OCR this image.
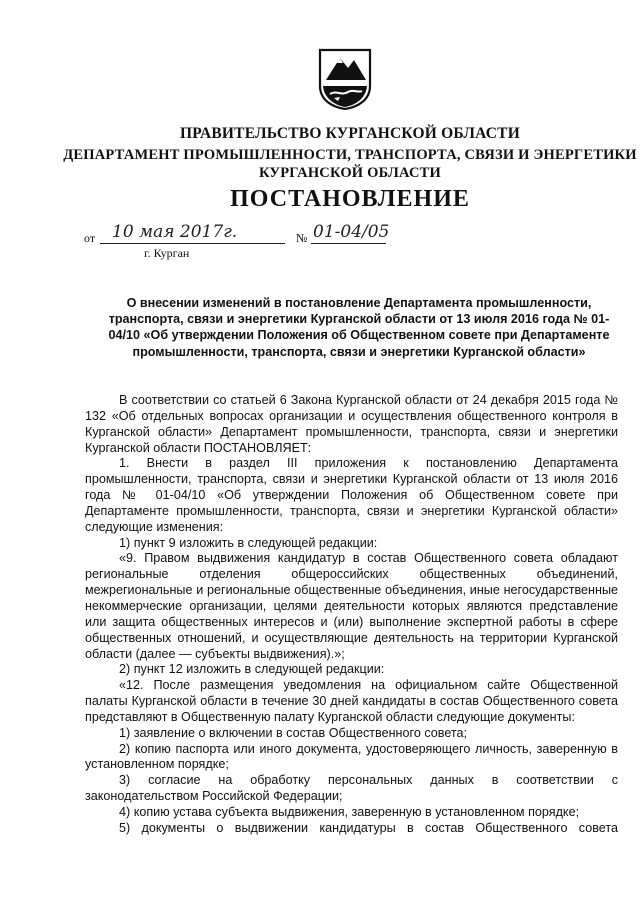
ПРАВИТЕЛЬСТВО КУРГАНСКОЙ ОБЛАСТИ
ДЕПАРТАМЕНТ ПРОМЫШЛЕННОСТИ, ТРАНСПОРТА, СВЯЗИ И ЭНЕРГЕТИКИ
КУРГАНСКОЙ ОБЛАСТИ
ПОСТАНОВЛЕНИЕ
от 10 мая 2017г.	№ 01-04/05
г. Курган
О внесении изменений в постановление Департамента промышленности, транспорта, связи и энергетики Курганской области от 13 июля 2016 года № 01-04/10 «Об утверждении Положения об Общественном совете при Департаменте промышленности, транспорта, связи и энергетики Курганской области»

В соответствии со статьей 6 Закона Курганской области от 24 декабря 2015 года № 132 «Об отдельных вопросах организации и осуществления общественного контроля в Курганской области» Департамент промышленности, транспорта, связи и энергетики Курганской области ПОСТАНОВЛЯЕТ:

1. Внести в раздел III приложения к постановлению Департамента промышленности, транспорта, связи и энергетики Курганской области от 13 июля 2016 года № 01-04/10 «Об утверждении Положения об Общественном совете при Департаменте промышленности, транспорта, связи и энергетики Курганской области» следующие изменения:

1) пункт 9 изложить в следующей редакции:

«9. Правом выдвижения кандидатур в состав Общественного совета обладают региональные отделения общероссийских общественных объединений, межрегиональные и региональные общественные объединения, иные негосударственные некоммерческие организации, целями деятельности которых являются представление или защита общественных интересов и (или) выполнение экспертной работы в сфере общественных отношений, и осуществляющие деятельность на территории Курганской области (далее — субъекты выдвижения).»;

2) пункт 12 изложить в следующей редакции:

«12. После размещения уведомления на официальном сайте Общественной палаты Курганской области в течение 30 дней кандидаты в состав Общественного совета представляют в Общественную палату Курганской области следующие документы:

1) заявление о включении в состав Общественного совета;

2) копию паспорта или иного документа, удостоверяющего личность, заверенную в установленном порядке;

3) согласие на обработку персональных данных в соответствии с законодательством Российской Федерации;

4) копию устава субъекта выдвижения, заверенную в установленном порядке;

5) документы о выдвижении кандидатуры в состав Общественного совета
